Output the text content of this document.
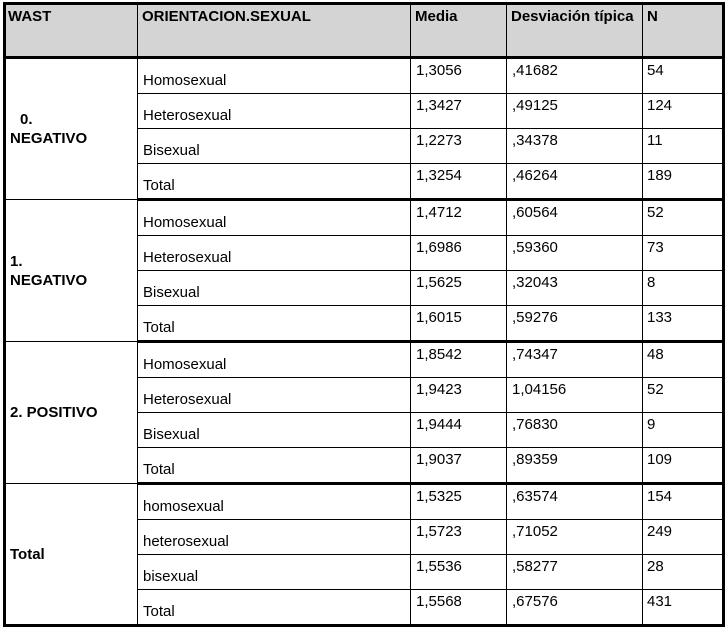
WAST	ORIENTACION.SEXUAL	Media	Desviación típica	N

0.
NEGATIVO	Homosexual	1,3056	,41682	54
	Heterosexual	1,3427	,49125	124
	Bisexual	1,2273	,34378	11
	Total	1,3254	,46264	189

1.
NEGATIVO	Homosexual	1,4712	,60564	52
	Heterosexual	1,6986	,59360	73
	Bisexual	1,5625	,32043	8
	Total	1,6015	,59276	133

2. POSITIVO	Homosexual	1,8542	,74347	48
	Heterosexual	1,9423	1,04156	52
	Bisexual	1,9444	,76830	9
	Total	1,9037	,89359	109

Total	homosexual	1,5325	,63574	154
	heterosexual	1,5723	,71052	249
	bisexual	1,5536	,58277	28
	Total	1,5568	,67576	431
